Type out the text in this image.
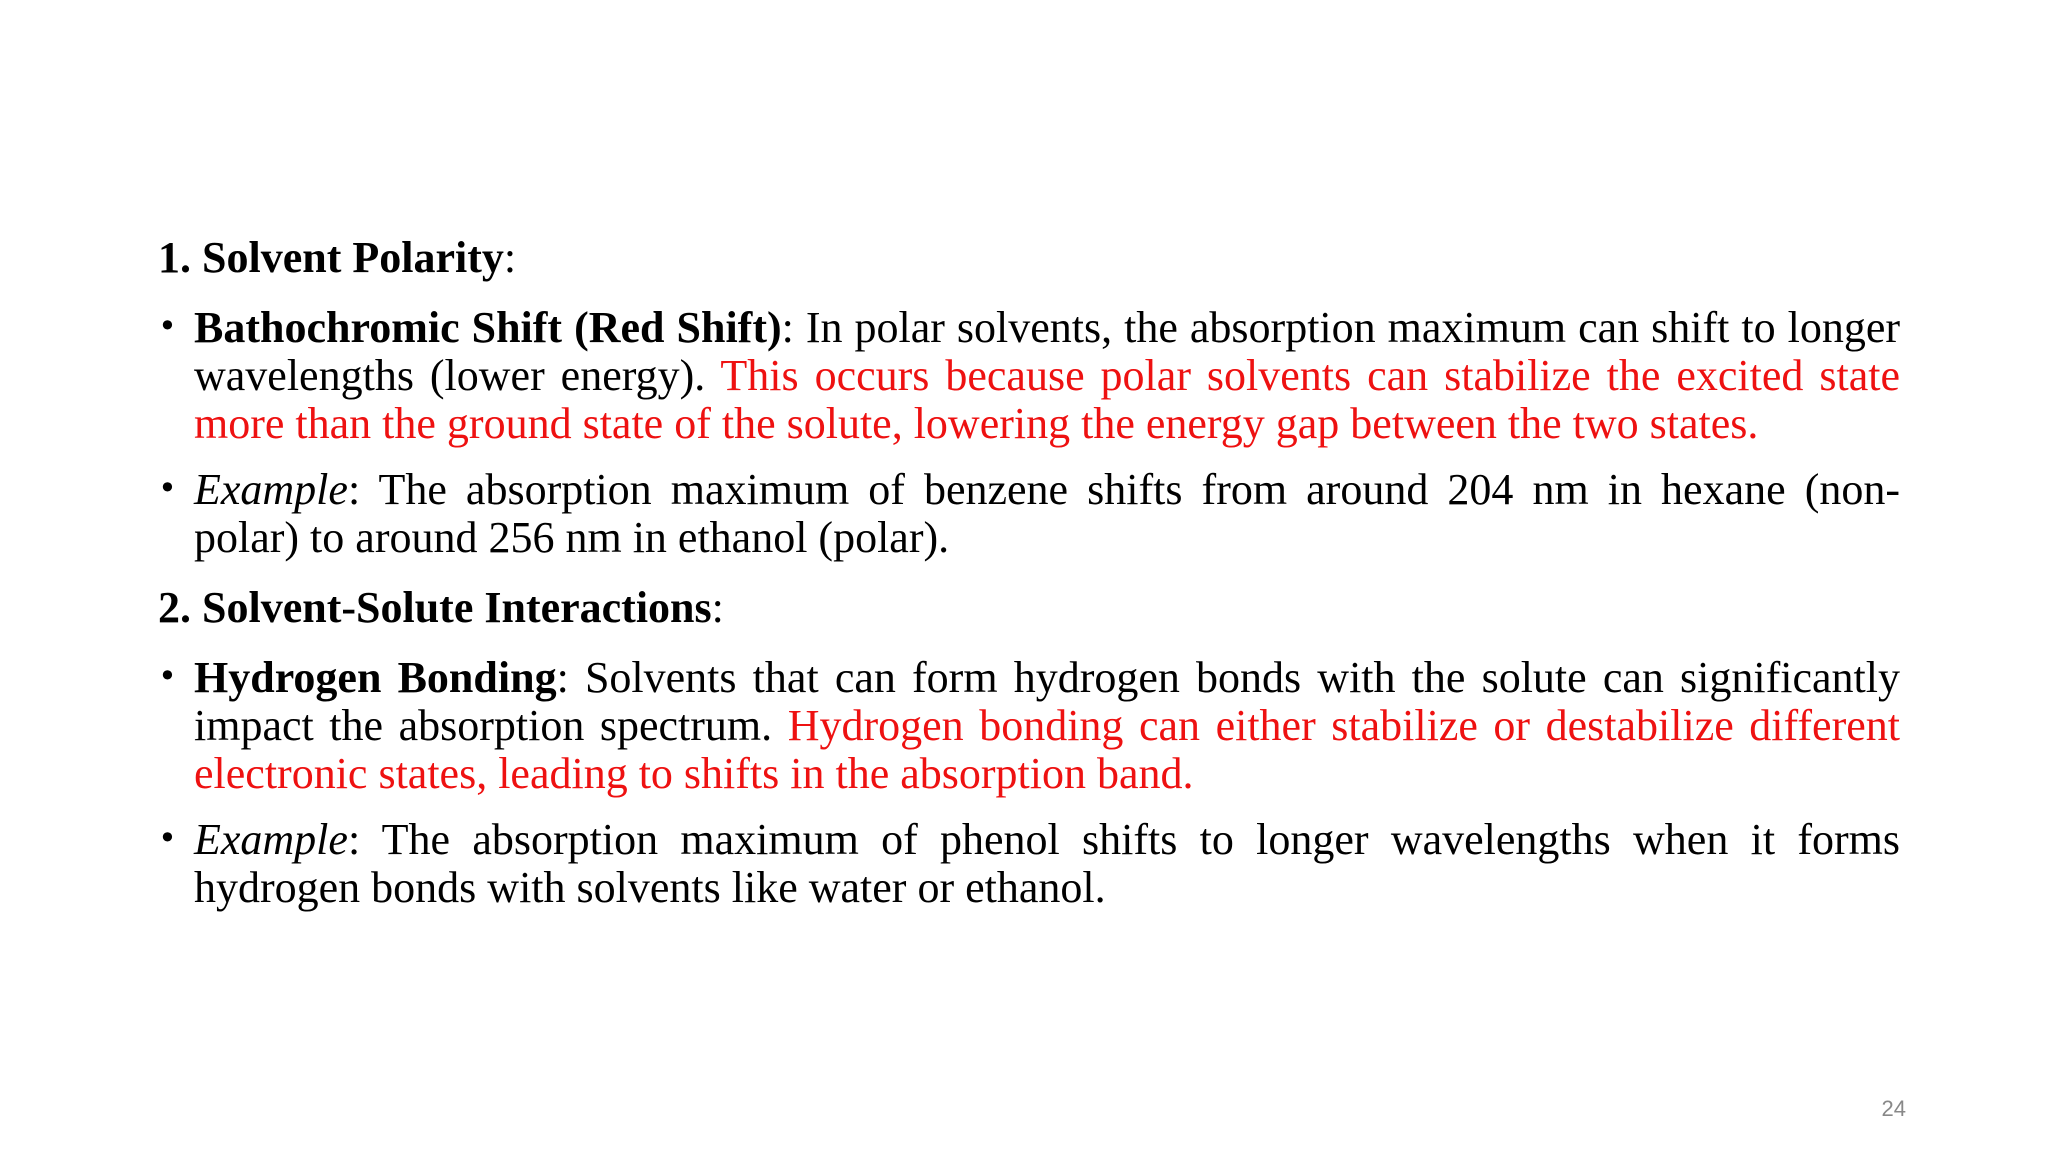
1. Solvent Polarity:
• Bathochromic Shift (Red Shift): In polar solvents, the absorption maximum can shift to longer wavelengths (lower energy). This occurs because polar solvents can stabilize the excited state more than the ground state of the solute, lowering the energy gap between the two states.
• Example: The absorption maximum of benzene shifts from around 204 nm in hexane (non-polar) to around 256 nm in ethanol (polar).
2. Solvent-Solute Interactions:
• Hydrogen Bonding: Solvents that can form hydrogen bonds with the solute can significantly impact the absorption spectrum. Hydrogen bonding can either stabilize or destabilize different electronic states, leading to shifts in the absorption band.
• Example: The absorption maximum of phenol shifts to longer wavelengths when it forms hydrogen bonds with solvents like water or ethanol.
24
